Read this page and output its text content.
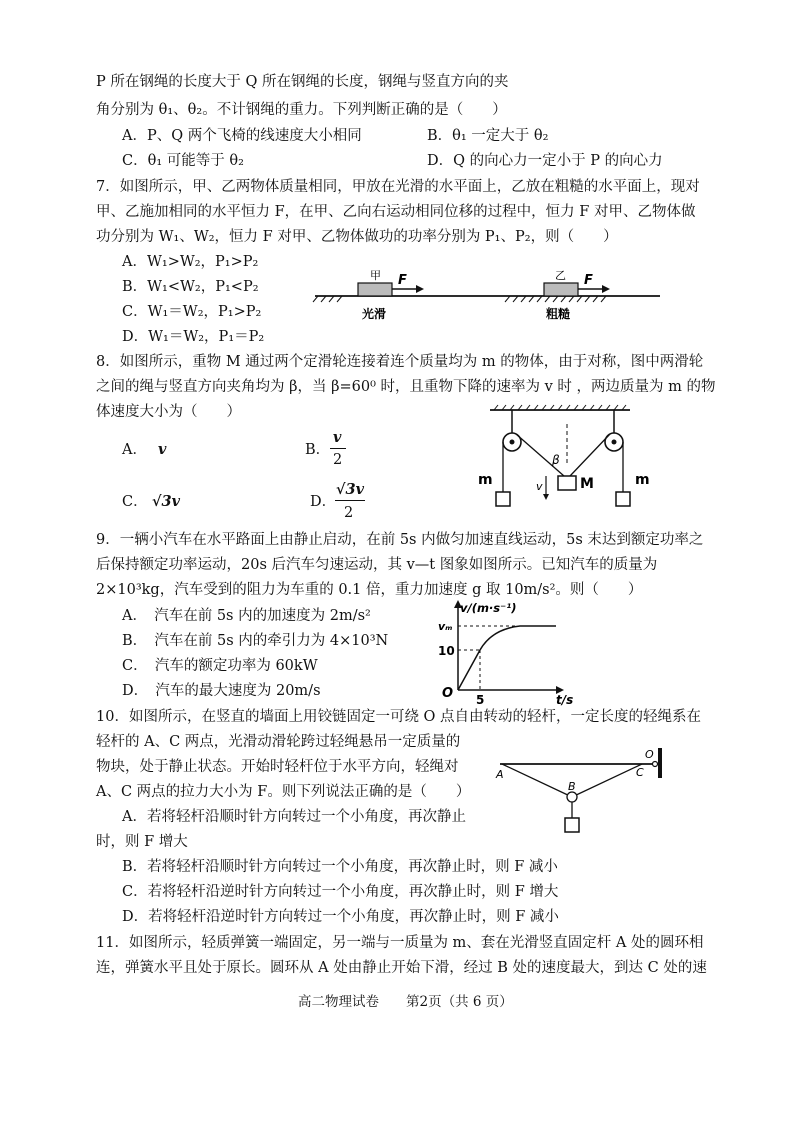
P 所在钢绳的长度大于 Q 所在钢绳的长度，钢绳与竖直方向的夹
角分别为 θ₁、θ₂。不计钢绳的重力。下列判断正确的是（　　）
A．P、Q 两个飞椅的线速度大小相同	B．θ₁ 一定大于 θ₂
C．θ₁ 可能等于 θ₂	D．Q 的向心力一定小于 P 的向心力
7．如图所示，甲、乙两物体质量相同，甲放在光滑的水平面上，乙放在粗糙的水平面上，现对
甲、乙施加相同的水平恒力 F，在甲、乙向右运动相同位移的过程中，恒力 F 对甲、乙物体做
功分别为 W₁、W₂，恒力 F 对甲、乙物体做功的功率分别为 P₁、P₂，则（　　）
A．W₁>W₂，P₁>P₂
B．W₁<W₂，P₁<P₂
C．W₁＝W₂，P₁>P₂
D．W₁＝W₂，P₁＝P₂
甲 F	乙 F
光滑	粗糙
8．如图所示，重物 M 通过两个定滑轮连接着连个质量均为 m 的物体，由于对称，图中两滑轮
之间的绳与竖直方向夹角均为 β，当 β=60⁰ 时，且重物下降的速率为 v 时 ，两边质量为 m 的物
体速度大小为（　　）
A． v	B．
v
2
C． √3v	D．
√3v
2
β
M
v
m	m
9．一辆小汽车在水平路面上由静止启动，在前 5s 内做匀加速直线运动，5s 末达到额定功率之
后保持额定功率运动，20s 后汽车匀速运动，其 v—t 图象如图所示。已知汽车的质量为
2×10³kg，汽车受到的阻力为车重的 0.1 倍，重力加速度 g 取 10m/s²。则（　　）
A．　汽车在前 5s 内的加速度为 2m/s²
B．　汽车在前 5s 内的牵引力为 4×10³N
C．　汽车的额定功率为 60kW
D．　汽车的最大速度为 20m/s
v/(m·s⁻¹)
vₘ
10
O 5	t/s
10．如图所示，在竖直的墙面上用铰链固定一可绕 O 点自由转动的轻杆，一定长度的轻绳系在
轻杆的 A、C 两点，光滑动滑轮跨过轻绳悬吊一定质量的
物块，处于静止状态。开始时轻杆位于水平方向，轻绳对
A、C 两点的拉力大小为 F。则下列说法正确的是（　　）
A．若将轻杆沿顺时针方向转过一个小角度，再次静止
时，则 F 增大
B．若将轻杆沿顺时针方向转过一个小角度，再次静止时，则 F 减小
C．若将轻杆沿逆时针方向转过一个小角度，再次静止时，则 F 增大
D．若将轻杆沿逆时针方向转过一个小角度，再次静止时，则 F 减小
A
B
C
O
11．如图所示，轻质弹簧一端固定，另一端与一质量为 m、套在光滑竖直固定杆 A 处的圆环相
连，弹簧水平且处于原长。圆环从 A 处由静止开始下滑，经过 B 处的速度最大，到达 C 处的速
高二物理试卷　　第2页（共 6 页）
